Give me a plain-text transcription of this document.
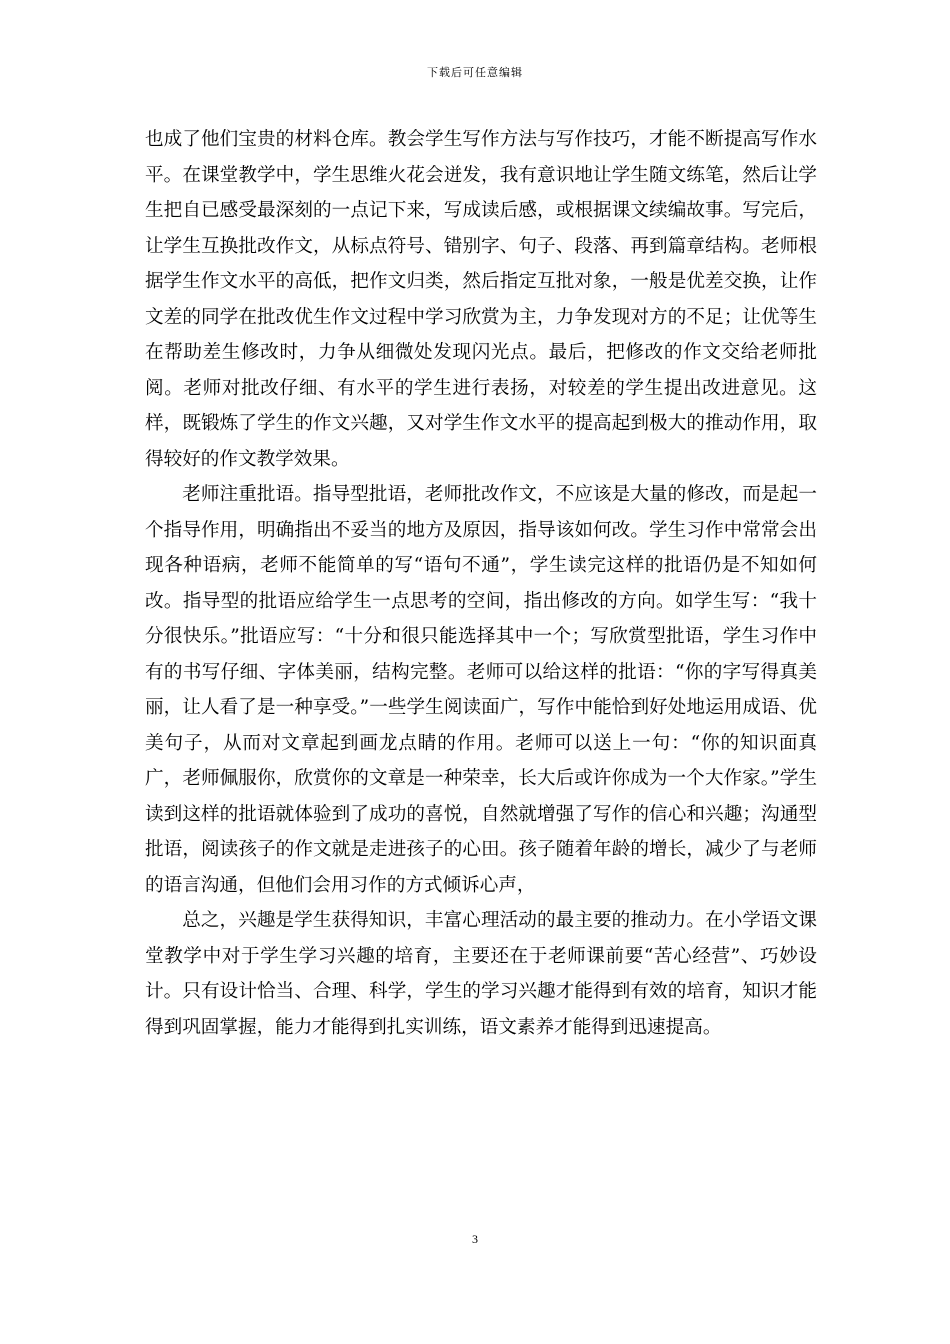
下载后可任意编辑

也成了他们宝贵的材料仓库。教会学生写作方法与写作技巧，才能不断提高写作水平。在课堂教学中，学生思维火花会迸发，我有意识地让学生随文练笔，然后让学生把自已感受最深刻的一点记下来，写成读后感，或根据课文续编故事。写完后，让学生互换批改作文，从标点符号、错别字、句子、段落、再到篇章结构。老师根据学生作文水平的高低，把作文归类，然后指定互批对象，一般是优差交换，让作文差的同学在批改优生作文过程中学习欣赏为主，力争发现对方的不足；让优等生在帮助差生修改时，力争从细微处发现闪光点。最后，把修改的作文交给老师批阅。老师对批改仔细、有水平的学生进行表扬，对较差的学生提出改进意见。这样，既锻炼了学生的作文兴趣，又对学生作文水平的提高起到极大的推动作用，取得较好的作文教学效果。

老师注重批语。指导型批语，老师批改作文，不应该是大量的修改，而是起一个指导作用，明确指出不妥当的地方及原因，指导该如何改。学生习作中常常会出现各种语病，老师不能简单的写“语句不通”，学生读完这样的批语仍是不知如何改。指导型的批语应给学生一点思考的空间，指出修改的方向。如学生写：“我十分很快乐。”批语应写：“十分和很只能选择其中一个；写欣赏型批语，学生习作中有的书写仔细、字体美丽，结构完整。老师可以给这样的批语：“你的字写得真美丽，让人看了是一种享受。”一些学生阅读面广，写作中能恰到好处地运用成语、优美句子，从而对文章起到画龙点睛的作用。老师可以送上一句：“你的知识面真广，老师佩服你，欣赏你的文章是一种荣幸，长大后或许你成为一个大作家。”学生读到这样的批语就体验到了成功的喜悦，自然就增强了写作的信心和兴趣；沟通型批语，阅读孩子的作文就是走进孩子的心田。孩子随着年龄的增长，减少了与老师的语言沟通，但他们会用习作的方式倾诉心声，

总之，兴趣是学生获得知识，丰富心理活动的最主要的推动力。在小学语文课堂教学中对于学生学习兴趣的培育，主要还在于老师课前要“苦心经营”、巧妙设计。只有设计恰当、合理、科学，学生的学习兴趣才能得到有效的培育，知识才能得到巩固掌握，能力才能得到扎实训练，语文素养才能得到迅速提高。

3
